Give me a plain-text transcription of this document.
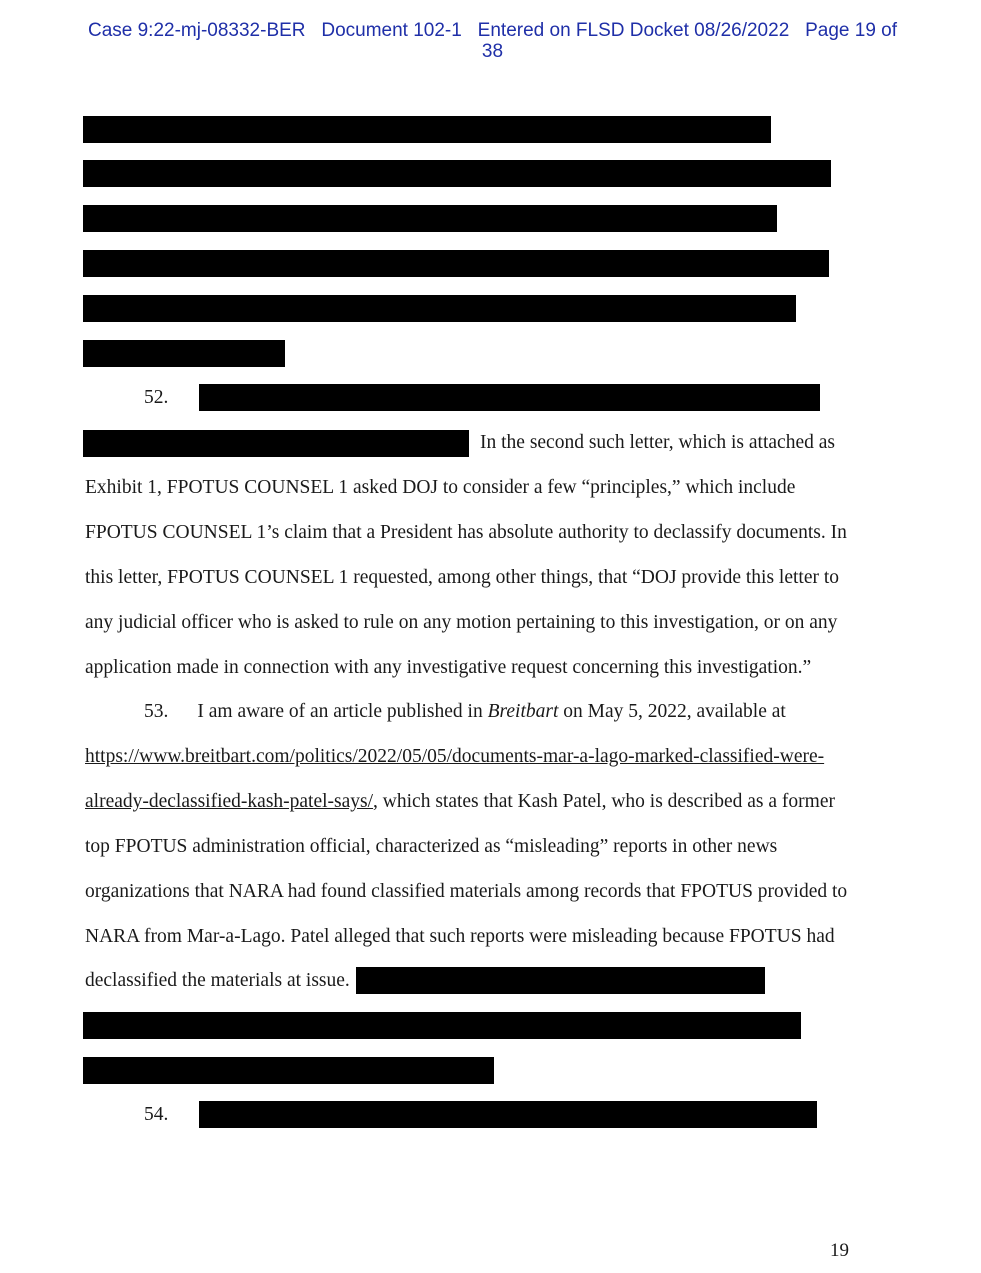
Case 9:22-mj-08332-BER Document 102-1 Entered on FLSD Docket 08/26/2022 Page 19 of
38
52.
In the second such letter, which is attached as
Exhibit 1, FPOTUS COUNSEL 1 asked DOJ to consider a few “principles,” which include
FPOTUS COUNSEL 1’s claim that a President has absolute authority to declassify documents. In
this letter, FPOTUS COUNSEL 1 requested, among other things, that “DOJ provide this letter to
any judicial officer who is asked to rule on any motion pertaining to this investigation, or on any
application made in connection with any investigative request concerning this investigation.”
53. I am aware of an article published in Breitbart on May 5, 2022, available at
https://www.breitbart.com/politics/2022/05/05/documents-mar-a-lago-marked-classified-were-
already-declassified-kash-patel-says/, which states that Kash Patel, who is described as a former
top FPOTUS administration official, characterized as “misleading” reports in other news
organizations that NARA had found classified materials among records that FPOTUS provided to
NARA from Mar-a-Lago. Patel alleged that such reports were misleading because FPOTUS had
declassified the materials at issue.
54.
19
